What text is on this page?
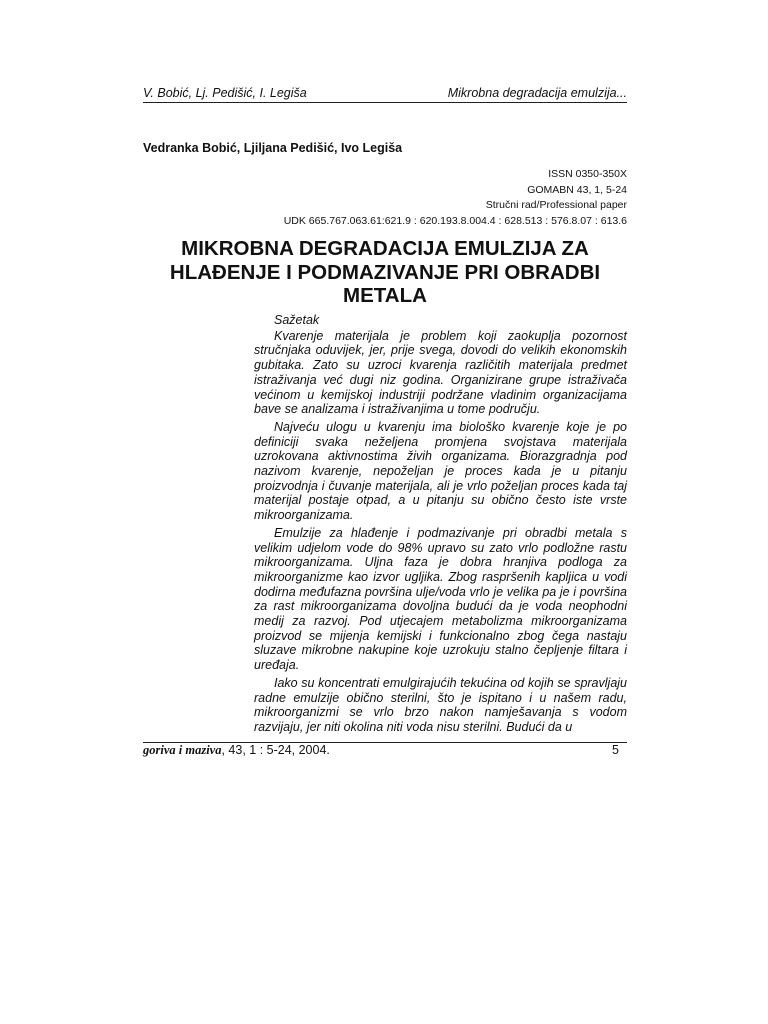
V. Bobić, Lj. Pedišić, I. Legiša	Mikrobna degradacija emulzija...
Vedranka Bobić, Ljiljana Pedišić, Ivo Legiša
ISSN 0350-350X
GOMABN 43, 1, 5-24
Stručni rad/Professional paper
UDK 665.767.063.61:621.9 : 620.193.8.004.4 : 628.513 : 576.8.07 : 613.6
MIKROBNA DEGRADACIJA EMULZIJA ZA HLAĐENJE I PODMAZIVANJE PRI OBRADBI METALA

Sažetak

Kvarenje materijala je problem koji zaokuplja pozornost stručnjaka oduvijek, jer, prije svega, dovodi do velikih ekonomskih gubitaka. Zato su uzroci kvarenja različitih materijala predmet istraživanja već dugi niz godina. Organizirane grupe istraživača većinom u kemijskoj industriji podržane vladinim organizacijama bave se analizama i istraživanjima u tome području.

Najveću ulogu u kvarenju ima biološko kvarenje koje je po definiciji svaka neželjena promjena svojstava materijala uzrokovana aktivnostima živih organizama. Biorazgradnja pod nazivom kvarenje, nepoželjan je proces kada je u pitanju proizvodnja i čuvanje materijala, ali je vrlo poželjan proces kada taj materijal postaje otpad, a u pitanju su obično često iste vrste mikroorganizama.

Emulzije za hlađenje i podmazivanje pri obradbi metala s velikim udjelom vode do 98% upravo su zato vrlo podložne rastu mikroorganizama. Uljna faza je dobra hranjiva podloga za mikroorganizme kao izvor ugljika. Zbog raspršenih kapljica u vodi dodirna međufazna površina ulje/voda vrlo je velika pa je i površina za rast mikroorganizama dovoljna budući da je voda neophodni medij za razvoj. Pod utjecajem metabolizma mikroorganizama proizvod se mijenja kemijski i funkcionalno zbog čega nastaju sluzave mikrobne nakupine koje uzrokuju stalno čepljenje filtara i uređaja.

Iako su koncentrati emulgirajućih tekućina od kojih se spravljaju radne emulzije obično sterilni, što je ispitano i u našem radu, mikroorganizmi se vrlo brzo nakon namješavanja s vodom razvijaju, jer niti okolina niti voda nisu sterilni. Budući da u

goriva i maziva, 43, 1 : 5-24, 2004.	5
